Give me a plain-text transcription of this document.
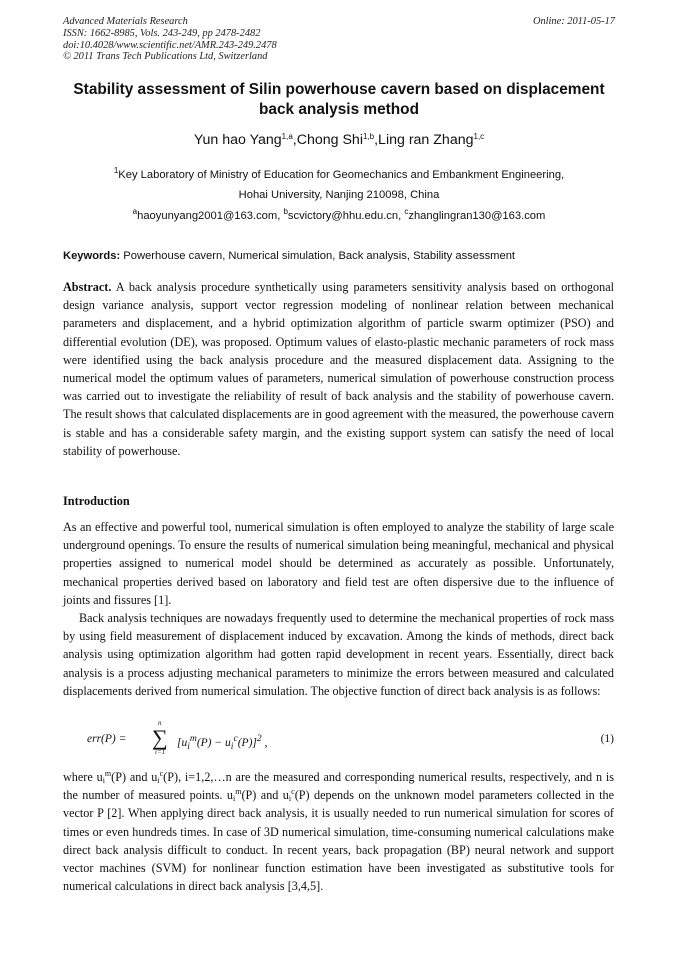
Advanced Materials Research
ISSN: 1662-8985, Vols. 243-249, pp 2478-2482
doi:10.4028/www.scientific.net/AMR.243-249.2478
© 2011 Trans Tech Publications Ltd, Switzerland
Online: 2011-05-17
Stability assessment of Silin powerhouse cavern based on displacement back analysis method
Yun hao Yang$^{1,a}$,Chong Shi$^{1,b}$,Ling ran Zhang$^{1,c}$
$^1$Key Laboratory of Ministry of Education for Geomechanics and Embankment Engineering,
Hohai University, Nanjing 210098, China
$^a$haoyunyang2001@163.com, $^b$scvictory@hhu.edu.cn, $^c$zhanglingran130@163.com
Keywords: Powerhouse cavern, Numerical simulation, Back analysis, Stability assessment
Abstract. A back analysis procedure synthetically using parameters sensitivity analysis based on orthogonal design variance analysis, support vector regression modeling of nonlinear relation between mechanical parameters and displacement, and a hybrid optimization algorithm of particle swarm optimizer (PSO) and differential evolution (DE), was proposed. Optimum values of elasto-plastic mechanic parameters of rock mass were identified using the back analysis procedure and the measured displacement data. Assigning to the numerical model the optimum values of parameters, numerical simulation of powerhouse construction process was carried out to investigate the reliability of result of back analysis and the stability of powerhouse cavern. The result shows that calculated displacements are in good agreement with the measured, the powerhouse cavern is stable and has a considerable safety margin, and the existing support system can satisfy the need of local stability of powerhouse.
Introduction
As an effective and powerful tool, numerical simulation is often employed to analyze the stability of large scale underground openings. To ensure the results of numerical simulation being meaningful, mechanical and physical properties assigned to numerical model should be determined as accurately as possible. Unfortunately, mechanical properties derived based on laboratory and field test are often dispersive due to the influence of joints and fissures [1].
Back analysis techniques are nowadays frequently used to determine the mechanical properties of rock mass by using field measurement of displacement induced by excavation. Among the kinds of methods, direct back analysis using optimization algorithm had gotten rapid development in recent years. Essentially, direct back analysis is a process adjusting mechanical parameters to minimize the errors between measured and calculated displacements derived from numerical simulation. The objective function of direct back analysis is as follows:
err(P) =
n
∑
i=1
$[u_i^m(P) - u_i^c(P)]^2$ ,	(1)
where $u_i^m(P)$ and $u_i^c(P)$, i=1,2,…n are the measured and corresponding numerical results, respectively, and n is the number of measured points. $u_i^m(P)$ and $u_i^c(P)$ depends on the unknown model parameters collected in the vector P [2]. When applying direct back analysis, it is usually needed to run numerical simulation for scores of times or even hundreds times. In case of 3D numerical simulation, time-consuming numerical calculations make direct back analysis difficult to conduct. In recent years, back propagation (BP) neural network and support vector machines (SVM) for nonlinear function estimation have been investigated as substitutive tools for numerical calculations in direct back analysis [3,4,5].
